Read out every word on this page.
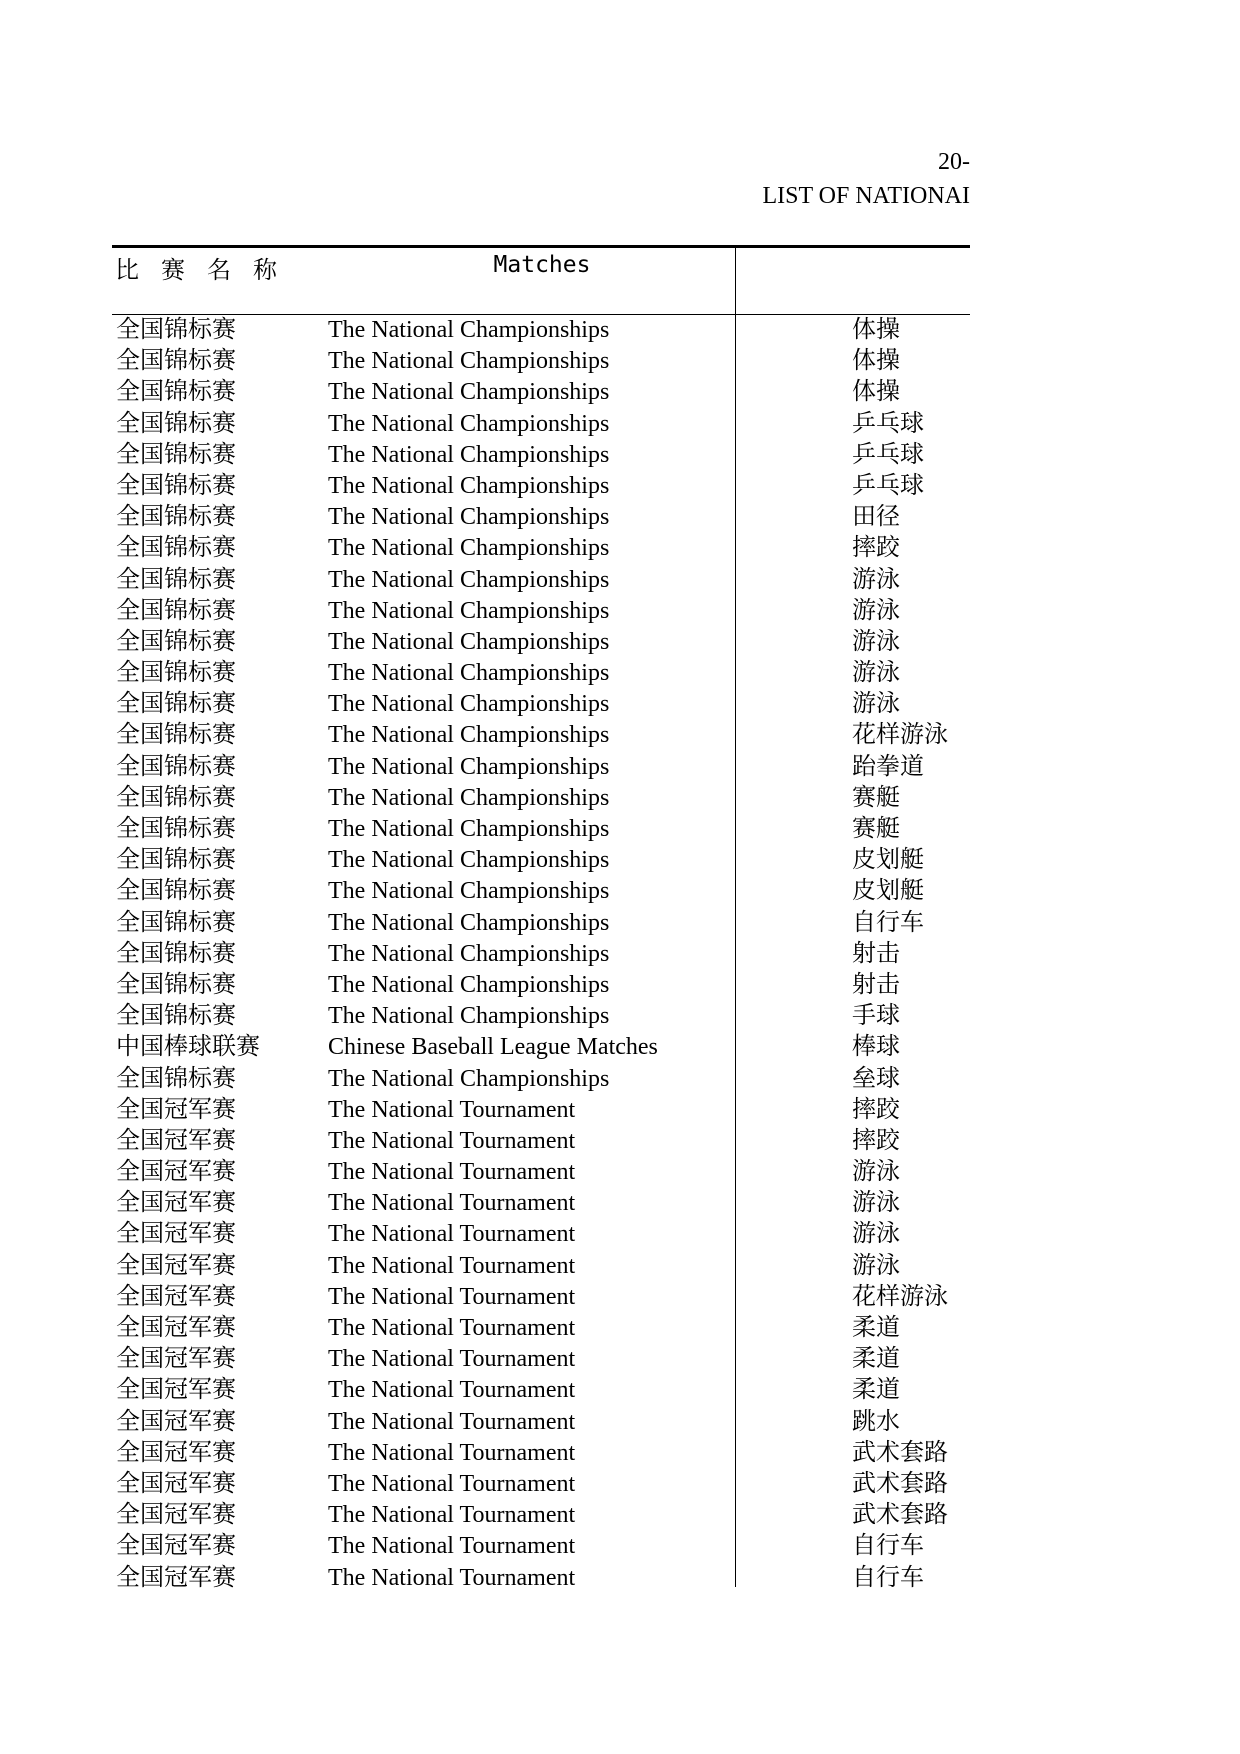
20-
LIST OF NATIONAI
比赛名称	Matches
全国锦标赛	The National Championships	体操
全国锦标赛	The National Championships	体操
全国锦标赛	The National Championships	体操
全国锦标赛	The National Championships	乒乓球
全国锦标赛	The National Championships	乒乓球
全国锦标赛	The National Championships	乒乓球
全国锦标赛	The National Championships	田径
全国锦标赛	The National Championships	摔跤
全国锦标赛	The National Championships	游泳
全国锦标赛	The National Championships	游泳
全国锦标赛	The National Championships	游泳
全国锦标赛	The National Championships	游泳
全国锦标赛	The National Championships	游泳
全国锦标赛	The National Championships	花样游泳
全国锦标赛	The National Championships	跆拳道
全国锦标赛	The National Championships	赛艇
全国锦标赛	The National Championships	赛艇
全国锦标赛	The National Championships	皮划艇
全国锦标赛	The National Championships	皮划艇
全国锦标赛	The National Championships	自行车
全国锦标赛	The National Championships	射击
全国锦标赛	The National Championships	射击
全国锦标赛	The National Championships	手球
中国棒球联赛	Chinese Baseball League Matches	棒球
全国锦标赛	The National Championships	垒球
全国冠军赛	The National Tournament	摔跤
全国冠军赛	The National Tournament	摔跤
全国冠军赛	The National Tournament	游泳
全国冠军赛	The National Tournament	游泳
全国冠军赛	The National Tournament	游泳
全国冠军赛	The National Tournament	游泳
全国冠军赛	The National Tournament	花样游泳
全国冠军赛	The National Tournament	柔道
全国冠军赛	The National Tournament	柔道
全国冠军赛	The National Tournament	柔道
全国冠军赛	The National Tournament	跳水
全国冠军赛	The National Tournament	武术套路
全国冠军赛	The National Tournament	武术套路
全国冠军赛	The National Tournament	武术套路
全国冠军赛	The National Tournament	自行车
全国冠军赛	The National Tournament	自行车
